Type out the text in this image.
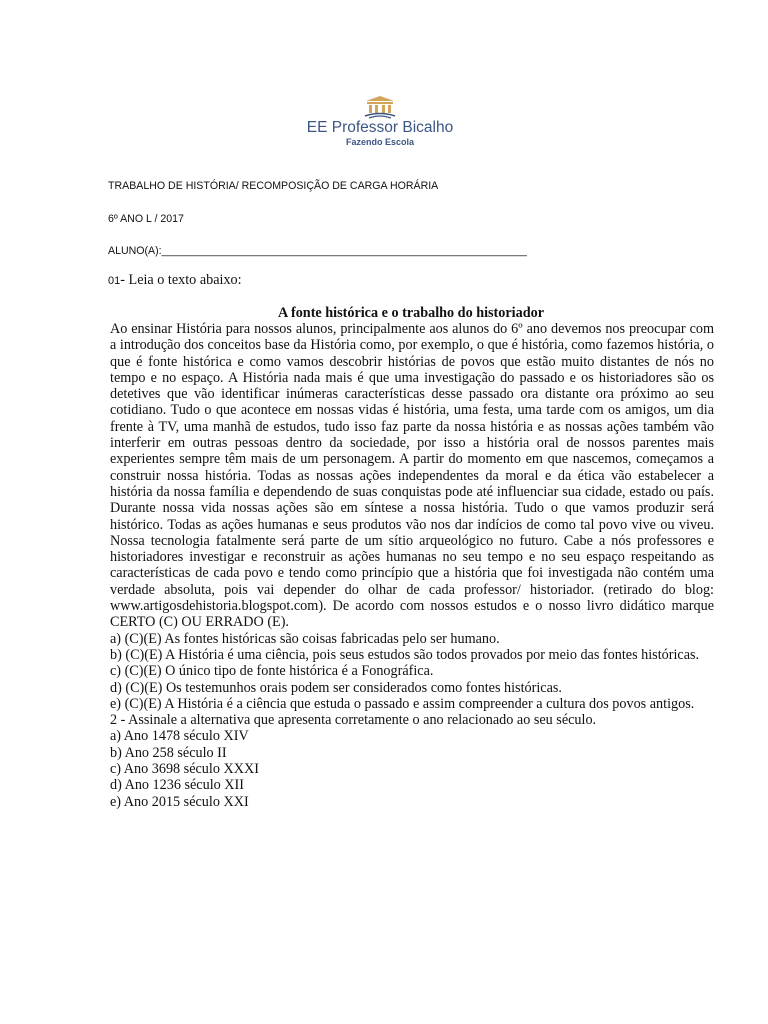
EE Professor Bicalho
Fazendo Escola
TRABALHO DE HISTÓRIA/ RECOMPOSIÇÃO DE CARGA HORÁRIA
6º ANO L / 2017
ALUNO(A):______________________________________________________________
01- Leia o texto abaixo:
A fonte histórica e o trabalho do historiador

Ao ensinar História para nossos alunos, principalmente aos alunos do 6º ano devemos nos preocupar com a introdução dos conceitos base da História como, por exemplo, o que é história, como fazemos história, o que é fonte histórica e como vamos descobrir histórias de povos que estão muito distantes de nós no tempo e no espaço. A História nada mais é que uma investigação do passado e os historiadores são os detetives que vão identificar inúmeras características desse passado ora distante ora próximo ao seu cotidiano. Tudo o que acontece em nossas vidas é história, uma festa, uma tarde com os amigos, um dia frente à TV, uma manhã de estudos, tudo isso faz parte da nossa história e as nossas ações também vão interferir em outras pessoas dentro da sociedade, por isso a história oral de nossos parentes mais experientes sempre têm mais de um personagem. A partir do momento em que nascemos, começamos a construir nossa história. Todas as nossas ações independentes da moral e da ética vão estabelecer a história da nossa família e dependendo de suas conquistas pode até influenciar sua cidade, estado ou país. Durante nossa vida nossas ações são em síntese a nossa história. Tudo o que vamos produzir será histórico. Todas as ações humanas e seus produtos vão nos dar indícios de como tal povo vive ou viveu. Nossa tecnologia fatalmente será parte de um sítio arqueológico no futuro. Cabe a nós professores e historiadores investigar e reconstruir as ações humanas no seu tempo e no seu espaço respeitando as características de cada povo e tendo como princípio que a história que foi investigada não contém uma verdade absoluta, pois vai depender do olhar de cada professor/ historiador. (retirado do blog: www.artigosdehistoria.blogspot.com). De acordo com nossos estudos e o nosso livro didático marque CERTO (C) OU ERRADO (E).

a) (C)(E) As fontes históricas são coisas fabricadas pelo ser humano.

b) (C)(E) A História é uma ciência, pois seus estudos são todos provados por meio das fontes históricas.

c) (C)(E) O único tipo de fonte histórica é a Fonográfica.

d) (C)(E) Os testemunhos orais podem ser considerados como fontes históricas.

e) (C)(E) A História é a ciência que estuda o passado e assim compreender a cultura dos povos antigos.

2 - Assinale a alternativa que apresenta corretamente o ano relacionado ao seu século.

a) Ano 1478 século XIV

b) Ano 258 século II

c) Ano 3698 século XXXI

d) Ano 1236 século XII

e) Ano 2015 século XXI
